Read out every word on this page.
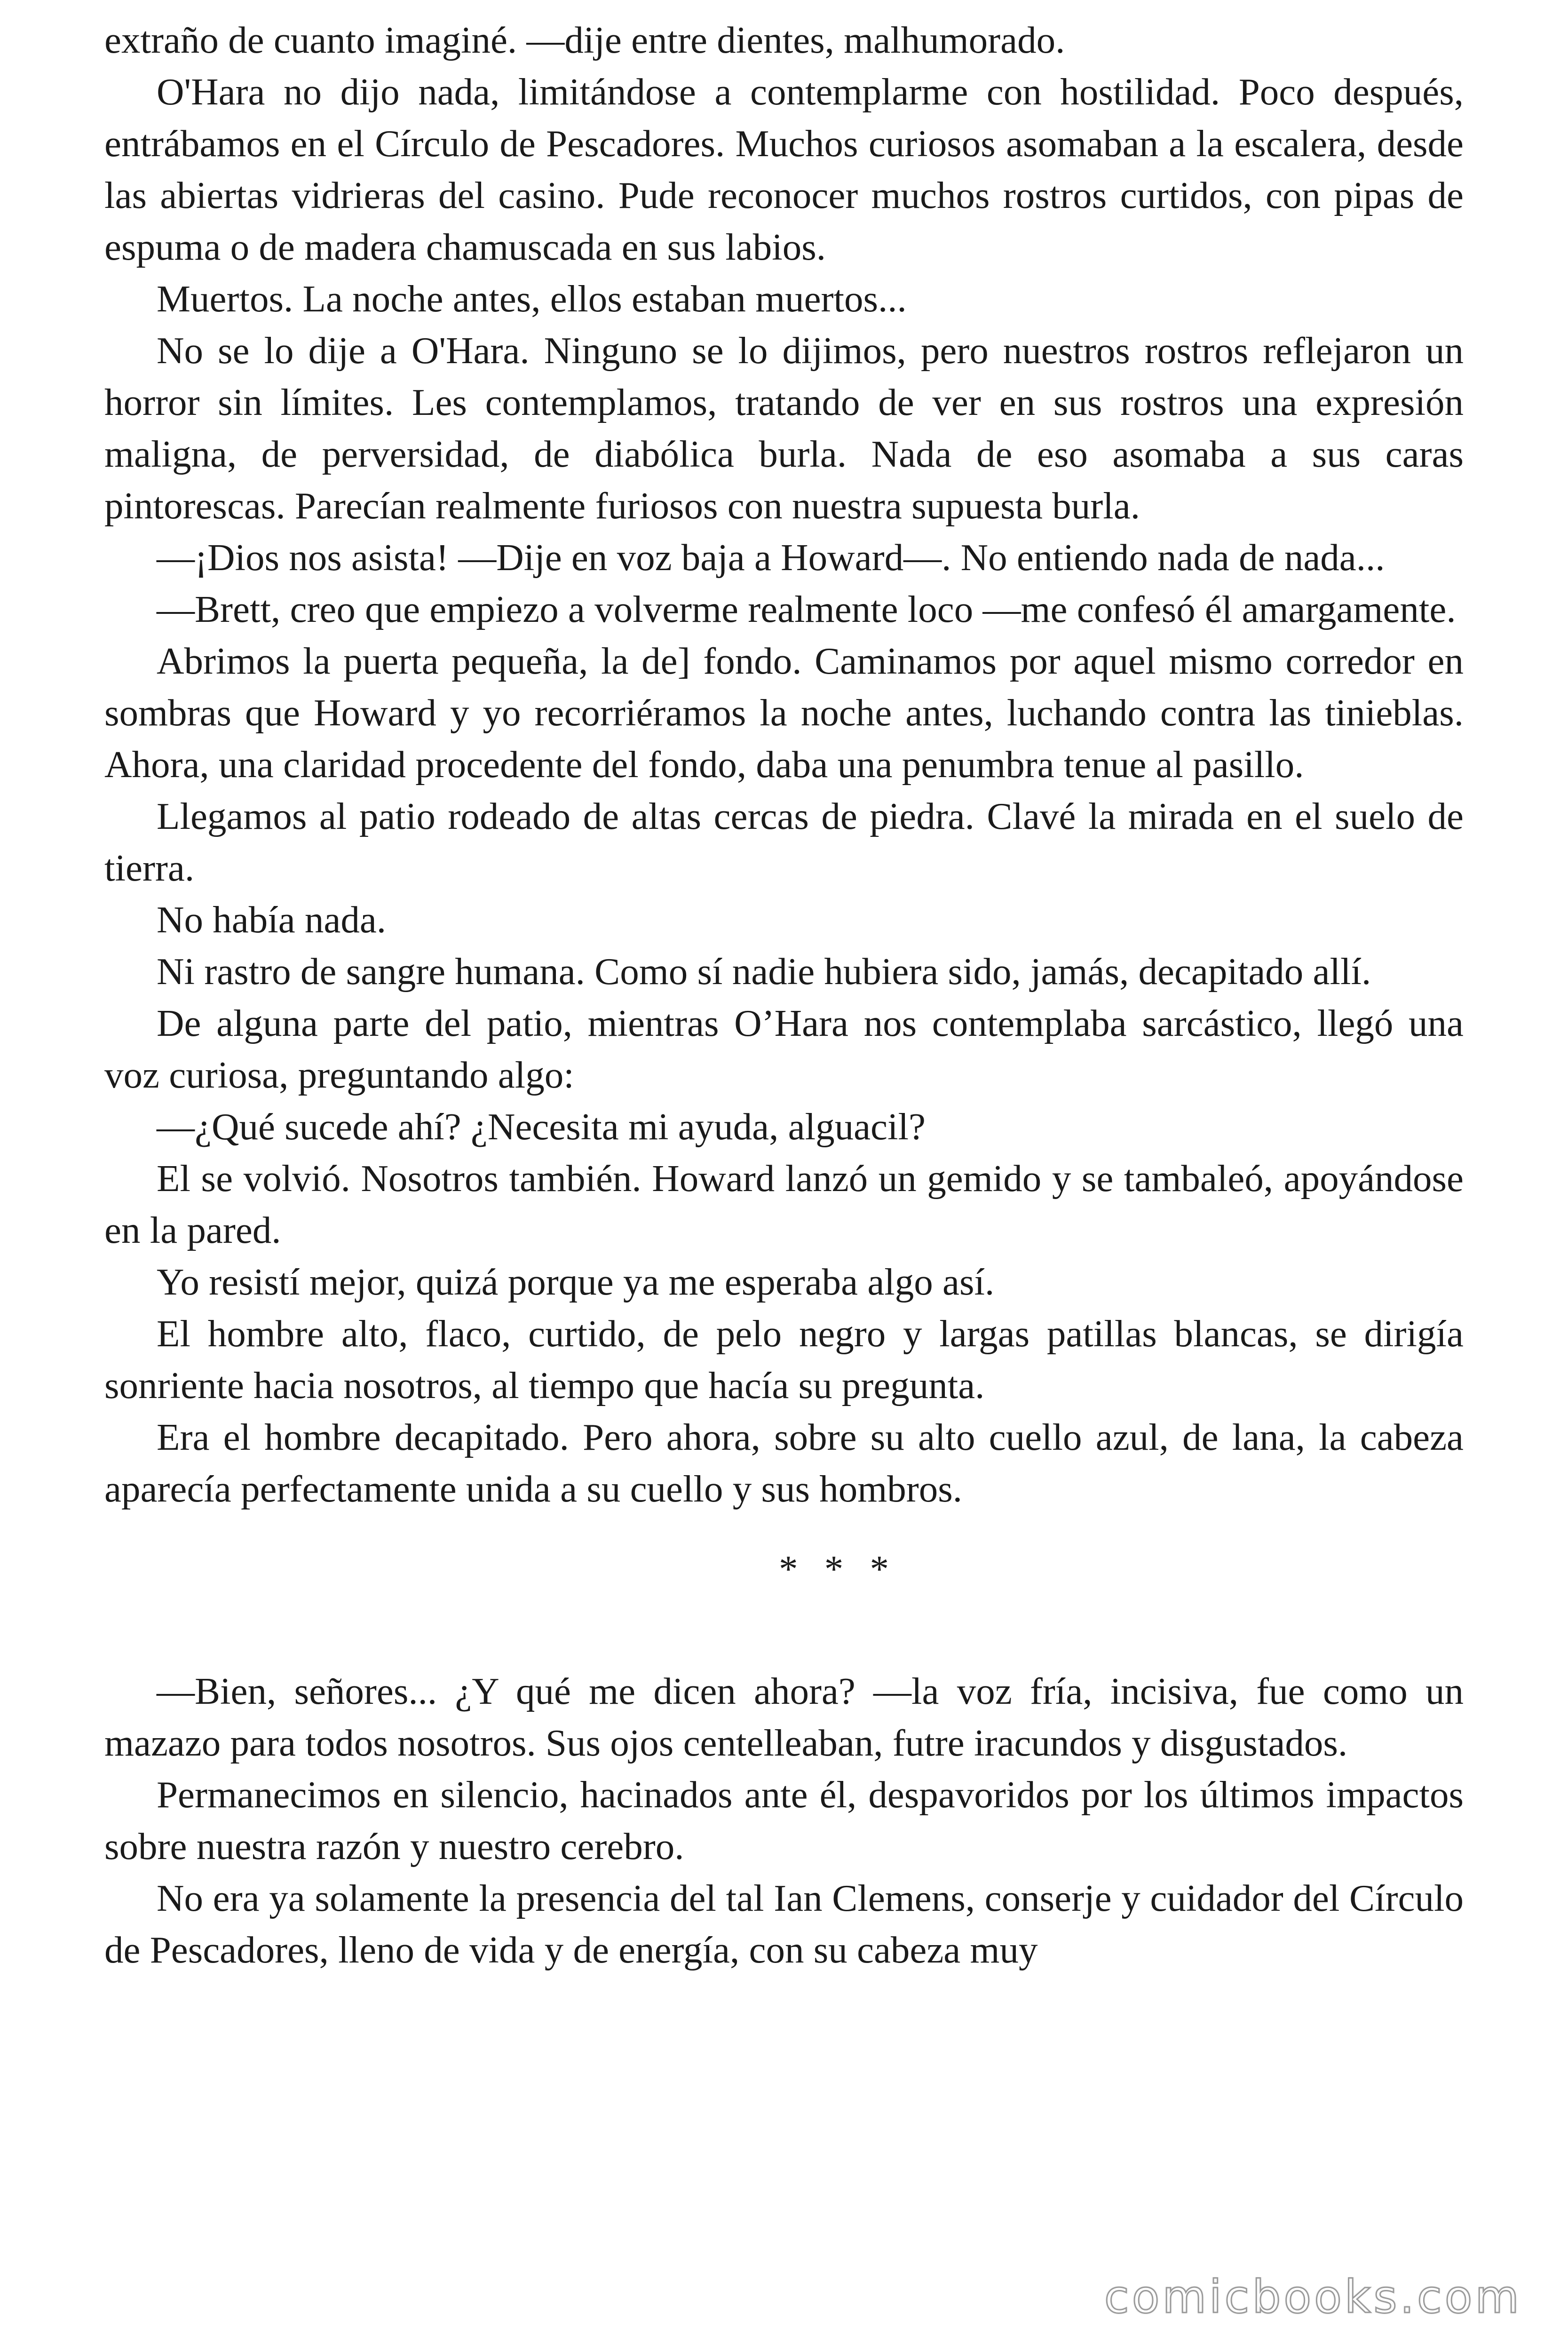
extraño de cuanto imaginé. —dije entre dientes, malhumorado.

O'Hara no dijo nada, limitándose a contemplarme con hostilidad. Poco después, entrábamos en el Círculo de Pescadores. Muchos curiosos asomaban a la escalera, desde las abiertas vidrieras del casino. Pude reconocer muchos rostros curtidos, con pipas de espuma o de madera chamuscada en sus labios.

Muertos. La noche antes, ellos estaban muertos...

No se lo dije a O'Hara. Ninguno se lo dijimos, pero nuestros rostros reflejaron un horror sin límites. Les contemplamos, tratando de ver en sus rostros una expresión maligna, de perversidad, de diabólica burla. Nada de eso asomaba a sus caras pintorescas. Parecían realmente furiosos con nuestra supuesta burla.

—¡Dios nos asista! —Dije en voz baja a Howard—. No entiendo nada de nada...

—Brett, creo que empiezo a volverme realmente loco —me confesó él amargamente.

Abrimos la puerta pequeña, la de] fondo. Caminamos por aquel mismo corredor en sombras que Howard y yo recorriéramos la noche antes, luchando contra las tinieblas. Ahora, una claridad procedente del fondo, daba una penumbra tenue al pasillo.

Llegamos al patio rodeado de altas cercas de piedra. Clavé la mirada en el suelo de tierra.

No había nada.

Ni rastro de sangre humana. Como sí nadie hubiera sido, jamás, decapitado allí.

De alguna parte del patio, mientras O’Hara nos contemplaba sarcástico, llegó una voz curiosa, preguntando algo:

—¿Qué sucede ahí? ¿Necesita mi ayuda, alguacil?

El se volvió. Nosotros también. Howard lanzó un gemido y se tambaleó, apoyándose en la pared.

Yo resistí mejor, quizá porque ya me esperaba algo así.

El hombre alto, flaco, curtido, de pelo negro y largas patillas blancas, se dirigía sonriente hacia nosotros, al tiempo que hacía su pregunta.

Era el hombre decapitado. Pero ahora, sobre su alto cuello azul, de lana, la cabeza aparecía perfectamente unida a su cuello y sus hombros.

* * *

—Bien, señores... ¿Y qué me dicen ahora? —la voz fría, incisiva, fue como un mazazo para todos nosotros. Sus ojos centelleaban, futre iracundos y disgustados.

Permanecimos en silencio, hacinados ante él, despavoridos por los últimos impactos sobre nuestra razón y nuestro cerebro.

No era ya solamente la presencia del tal Ian Clemens, conserje y cuidador del Círculo de Pescadores, lleno de vida y de energía, con su cabeza muy

comicbooks.com
